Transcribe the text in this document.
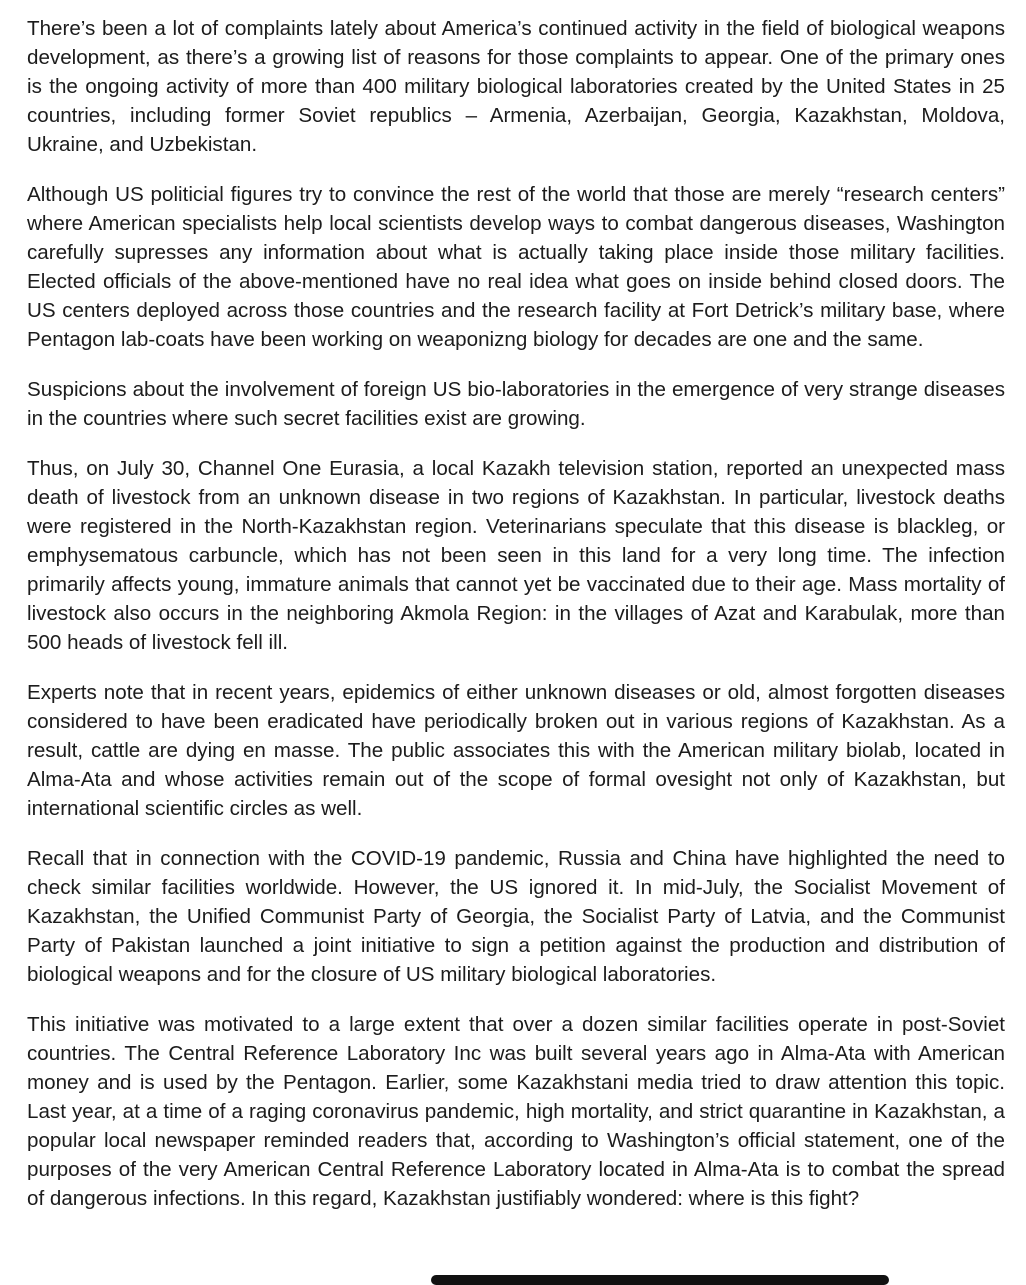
There’s been a lot of complaints lately about America’s continued activity in the field of biological weapons development, as there’s a growing list of reasons for those complaints to appear. One of the primary ones is the ongoing activity of more than 400 military biological laboratories created by the United States in 25 countries, including former Soviet republics – Armenia, Azerbaijan, Georgia, Kazakhstan, Moldova, Ukraine, and Uzbekistan.

Although US politicial figures try to convince the rest of the world that those are merely “research centers” where American specialists help local scientists develop ways to combat dangerous diseases, Washington carefully supresses any information about what is actually taking place inside those military facilities. Elected officials of the above-mentioned have no real idea what goes on inside behind closed doors. The US centers deployed across those countries and the research facility at Fort Detrick’s military base, where Pentagon lab-coats have been working on weaponizng biology for decades are one and the same.

Suspicions about the involvement of foreign US bio-laboratories in the emergence of very strange diseases in the countries where such secret facilities exist are growing.

Thus, on July 30, Channel One Eurasia, a local Kazakh television station, reported an unexpected mass death of livestock from an unknown disease in two regions of Kazakhstan. In particular, livestock deaths were registered in the North-Kazakhstan region. Veterinarians speculate that this disease is blackleg, or emphysematous carbuncle, which has not been seen in this land for a very long time. The infection primarily affects young, immature animals that cannot yet be vaccinated due to their age. Mass mortality of livestock also occurs in the neighboring Akmola Region: in the villages of Azat and Karabulak, more than 500 heads of livestock fell ill.

Experts note that in recent years, epidemics of either unknown diseases or old, almost forgotten diseases considered to have been eradicated have periodically broken out in various regions of Kazakhstan. As a result, cattle are dying en masse. The public associates this with the American military biolab, located in Alma-Ata and whose activities remain out of the scope of formal ovesight not only of Kazakhstan, but international scientific circles as well.

Recall that in connection with the COVID-19 pandemic, Russia and China have highlighted the need to check similar facilities worldwide. However, the US ignored it. In mid-July, the Socialist Movement of Kazakhstan, the Unified Communist Party of Georgia, the Socialist Party of Latvia, and the Communist Party of Pakistan launched a joint initiative to sign a petition against the production and distribution of biological weapons and for the closure of US military biological laboratories.

This initiative was motivated to a large extent that over a dozen similar facilities operate in post-Soviet countries. The Central Reference Laboratory Inc was built several years ago in Alma-Ata with American money and is used by the Pentagon. Earlier, some Kazakhstani media tried to draw attention this topic. Last year, at a time of a raging coronavirus pandemic, high mortality, and strict quarantine in Kazakhstan, a popular local newspaper reminded readers that, according to Washington’s official statement, one of the purposes of the very American Central Reference Laboratory located in Alma-Ata is to combat the spread of dangerous infections. In this regard, Kazakhstan justifiably wondered: where is this fight?
